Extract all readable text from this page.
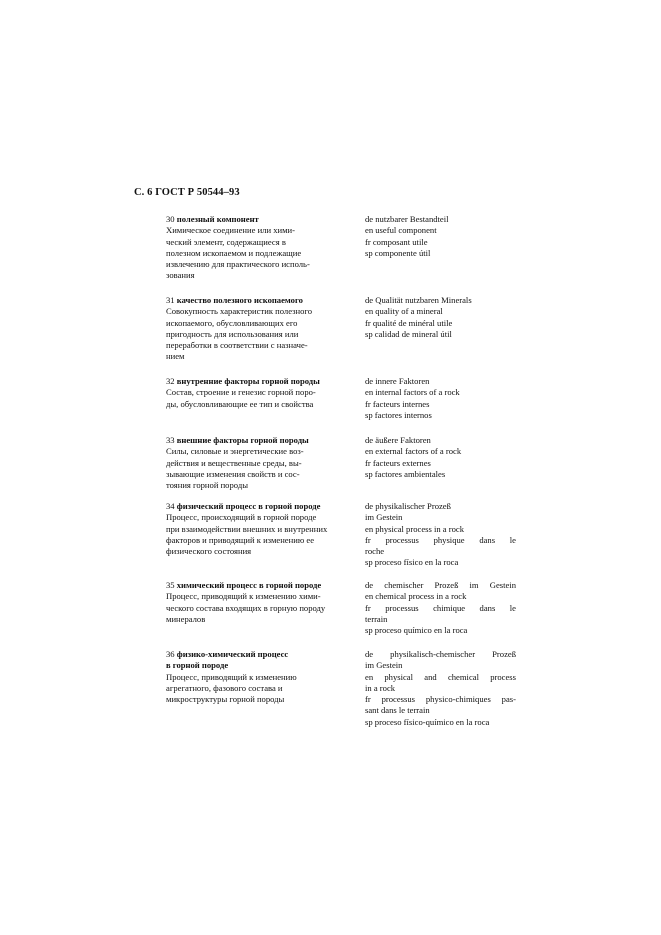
С. 6 ГОСТ Р 50544–93
30 полезный компонент
Химическое соединение или хими-
ческий элемент, содержащиеся в
полезном ископаемом и подлежащие
извлечению для практического исполь-
зования
de nutzbarer Bestandteil
en useful component
fr composant utile
sp componente útil
31 качество полезного ископаемого
Совокупность характеристик полезного
ископаемого, обусловливающих его
пригодность для использования или
переработки в соответствии с назначе-
нием
de Qualität nutzbaren Minerals
en quality of a mineral
fr qualité de minéral utile
sp calidad de mineral útil
32 внутренние факторы горной породы
Состав, строение и генезис горной поро-
ды, обусловливающие ее тип и свойства
de innere Faktoren
en internal factors of a rock
fr facteurs internes
sp factores internos
33 внешние факторы горной породы
Силы, силовые и энергетические воз-
действия и вещественные среды, вы-
зывающие изменения свойств и сос-
тояния горной породы
de äußere Faktoren
en external factors of a rock
fr facteurs externes
sp factores ambientales
34 физический процесс в горной породе
Процесс, происходящий в горной породе
при взаимодействии внешних и внутренних
факторов и приводящий к изменению ее
физического состояния
de physikalischer Prozeß
im Gestein
en physical process in a rock
fr processus physique dans le
roche
sp proceso físico en la roca
35 химический процесс в горной породе
Процесс, приводящий к изменению хими-
ческого состава входящих в горную породу
минералов
de chemischer Prozeß im Gestein
en chemical process in a rock
fr processus chimique dans le
terrain
sp proceso químico en la roca
36 физико-химический процесс
в горной породе
Процесс, приводящий к изменению
агрегатного, фазового состава и
микроструктуры горной породы
de physikalisch-chemischer Prozeß
im Gestein
en physical and chemical process
in a rock
fr processus physico-chimiques pas-
sant dans le terrain
sp proceso físico-químico en la roca
